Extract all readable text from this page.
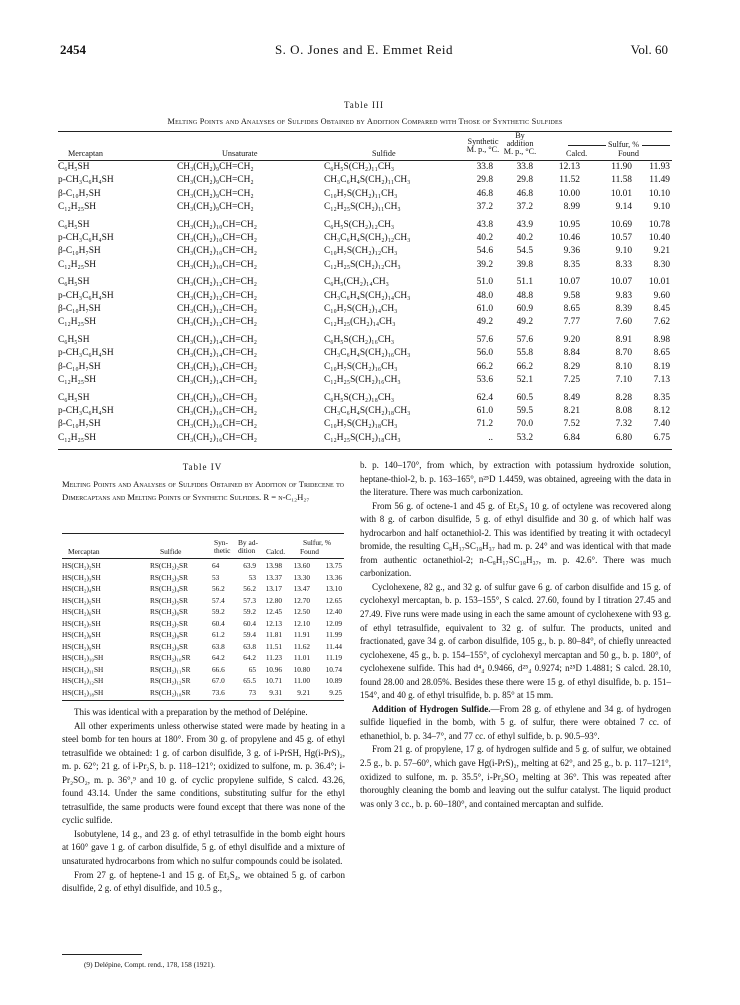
2454	S. O. Jones and E. Emmet Reid	Vol. 60
Table III
Melting Points and Analyses of Sulfides Obtained by Addition Compared with Those of Synthetic Sulfides
Mercaptan	Unsaturate	Sulfide
Synthetic
M. p., °C.
By
addition
M. p., °C.
Sulfur, %
Calcd.	Found
C₆H₅SH	CH₃(CH₂)₉CH=CH₂	C₆H₅S(CH₂)₁₁CH₃	33.8	33.8	12.13	11.90	11.93
p-CH₃C₆H₄SH	CH₃(CH₂)₉CH=CH₂	CH₃C₆H₄S(CH₂)₁₁CH₃	29.8	29.8	11.52	11.58	11.49
β-C₁₀H₇SH	CH₃(CH₂)₉CH=CH₂	C₁₀H₇S(CH₂)₁₁CH₃	46.8	46.8	10.00	10.01	10.10
C₁₂H₂₅SH	CH₃(CH₂)₉CH=CH₂	C₁₂H₂₅S(CH₂)₁₁CH₃	37.2	37.2	8.99	9.14	9.10
C₆H₅SH	CH₃(CH₂)₁₀CH=CH₂	C₆H₅S(CH₂)₁₂CH₃	43.8	43.9	10.95	10.69	10.78
p-CH₃C₆H₄SH	CH₃(CH₂)₁₀CH=CH₂	CH₃C₆H₄S(CH₂)₁₂CH₃	40.2	40.2	10.46	10.57	10.40
β-C₁₀H₇SH	CH₃(CH₂)₁₀CH=CH₂	C₁₀H₇S(CH₂)₁₂CH₃	54.6	54.5	9.36	9.10	9.21
C₁₂H₂₅SH	CH₃(CH₂)₁₀CH=CH₂	C₁₂H₂₅S(CH₂)₁₂CH₃	39.2	39.8	8.35	8.33	8.30
C₆H₅SH	CH₃(CH₂)₁₂CH=CH₂	C₆H₅(CH₂)₁₄CH₃	51.0	51.1	10.07	10.07	10.01
p-CH₃C₆H₄SH	CH₃(CH₂)₁₂CH=CH₂	CH₃C₆H₄S(CH₂)₁₄CH₃	48.0	48.8	9.58	9.83	9.60
β-C₁₀H₇SH	CH₃(CH₂)₁₂CH=CH₂	C₁₀H₇S(CH₂)₁₄CH₃	61.0	60.9	8.65	8.39	8.45
C₁₂H₂₅SH	CH₃(CH₂)₁₂CH=CH₂	C₁₂H₂₅(CH₂)₁₄CH₃	49.2	49.2	7.77	7.60	7.62
C₆H₅SH	CH₃(CH₂)₁₄CH=CH₂	C₆H₅S(CH₂)₁₆CH₃	57.6	57.6	9.20	8.91	8.98
p-CH₃C₆H₄SH	CH₃(CH₂)₁₄CH=CH₂	CH₃C₆H₄S(CH₂)₁₆CH₃	56.0	55.8	8.84	8.70	8.65
β-C₁₀H₇SH	CH₃(CH₂)₁₄CH=CH₂	C₁₀H₇S(CH₂)₁₆CH₃	66.2	66.2	8.29	8.10	8.19
C₁₂H₂₅SH	CH₃(CH₂)₁₄CH=CH₂	C₁₂H₂₅S(CH₂)₁₆CH₃	53.6	52.1	7.25	7.10	7.13
C₆H₅SH	CH₃(CH₂)₁₆CH=CH₂	C₆H₅S(CH₂)₁₈CH₃	62.4	60.5	8.49	8.28	8.35
p-CH₃C₆H₄SH	CH₃(CH₂)₁₆CH=CH₂	CH₃C₆H₄S(CH₂)₁₈CH₃	61.0	59.5	8.21	8.08	8.12
β-C₁₀H₇SH	CH₃(CH₂)₁₆CH=CH₂	C₁₀H₇S(CH₂)₁₈CH₃	71.2	70.0	7.52	7.32	7.40
C₁₂H₂₅SH	CH₃(CH₂)₁₆CH=CH₂	C₁₂H₂₅S(CH₂)₁₈CH₃	..	53.2	6.84	6.80	6.75
Table IV
Melting Points and Analyses of Sulfides Obtained by Addition of Tridecene to Dimercaptans and Melting Points of Synthetic Sulfides. R = n-C₁₂H₂₇
Mercaptan	Sulfide
Syn-
thetic
By ad-
dition
Sulfur, %
Calcd. Found
HS(CH₂)₂SH	RS(CH₂)₂SR	64	63.9	13.98	13.60	13.75
HS(CH₂)₃SH	RS(CH₂)₃SR	53	53	13.37	13.30	13.36
HS(CH₂)₄SH	RS(CH₂)₄SR	56.2	56.2	13.17	13.47	13.10
HS(CH₂)₅SH	RS(CH₂)₅SR	57.4	57.3	12.80	12.70	12.65
HS(CH₂)₆SH	RS(CH₂)₆SR	59.2	59.2	12.45	12.50	12.40
HS(CH₂)₇SH	RS(CH₂)₇SR	60.4	60.4	12.13	12.10	12.09
HS(CH₂)₈SH	RS(CH₂)₈SR	61.2	59.4	11.81	11.91	11.99
HS(CH₂)₉SH	RS(CH₂)₉SR	63.8	63.8	11.51	11.62	11.44
HS(CH₂)₁₀SH	RS(CH₂)₁₀SR	64.2	64.2	11.23	11.01	11.19
HS(CH₂)₁₁SH	RS(CH₂)₁₁SR	66.6	65	10.96	10.80	10.74
HS(CH₂)₁₂SH	RS(CH₂)₁₂SR	67.0	65.5	10.71	11.00	10.89
HS(CH₂)₁₈SH	RS(CH₂)₁₈SR	73.6	73	9.31	9.21	9.25

This was identical with a preparation by the method of Delépine.

All other experiments unless otherwise stated were made by heating in a steel bomb for ten hours at 180°. From 30 g. of propylene and 45 g. of ethyl tetrasulfide we obtained: 1 g. of carbon disulfide, 3 g. of i-PrSH, Hg(i-PrS)₂, m. p. 62°; 21 g. of i-Pr₂S, b. p. 118–121°; oxidized to sulfone, m. p. 36.4°; i-Pr₂SO₂, m. p. 36°,⁹ and 10 g. of cyclic propylene sulfide, S calcd. 43.26, found 43.14. Under the same conditions, substituting sulfur for the ethyl tetrasulfide, the same products were found except that there was none of the cyclic sulfide.

Isobutylene, 14 g., and 23 g. of ethyl tetrasulfide in the bomb eight hours at 160° gave 1 g. of carbon disulfide, 5 g. of ethyl disulfide and a mixture of unsaturated hydrocarbons from which no sulfur compounds could be isolated.

From 27 g. of heptene-1 and 15 g. of Et₂S₄, we obtained 5 g. of carbon disulfide, 2 g. of ethyl disulfide, and 10.5 g.,

(9) Delépine, Compt. rend., 178, 158 (1921).

b. p. 140–170°, from which, by extraction with potassium hydroxide solution, heptane-thiol-2, b. p. 163–165°, n²⁵D 1.4459, was obtained, agreeing with the data in the literature. There was much carbonization.

From 56 g. of octene-1 and 45 g. of Et₂S₄ 10 g. of octylene was recovered along with 8 g. of carbon disulfide, 5 g. of ethyl disulfide and 30 g. of which half was hydrocarbon and half octanethiol-2. This was identified by treating it with octadecyl bromide, the resulting C₈H₁₇SC₁₈H₃₇ had m. p. 24° and was identical with that made from authentic octanethiol-2; n-C₈H₁₇SC₁₈H₃₇, m. p. 42.6°. There was much carbonization.

Cyclohexene, 82 g., and 32 g. of sulfur gave 6 g. of carbon disulfide and 15 g. of cyclohexyl mercaptan, b. p. 153–155°, S calcd. 27.60, found by I titration 27.45 and 27.49. Five runs were made using in each the same amount of cyclohexene with 93 g. of ethyl tetrasulfide, equivalent to 32 g. of sulfur. The products, united and fractionated, gave 34 g. of carbon disulfide, 105 g., b. p. 80–84°, of chiefly unreacted cyclohexene, 45 g., b. p. 154–155°, of cyclohexyl mercaptan and 50 g., b. p. 180°, of cyclohexene sulfide. This had d⁴₄ 0.9466, d²⁵₄ 0.9274; n²⁵D 1.4881; S calcd. 28.10, found 28.00 and 28.05%. Besides these there were 15 g. of ethyl disulfide, b. p. 151–154°, and 40 g. of ethyl trisulfide, b. p. 85° at 15 mm.

Addition of Hydrogen Sulfide.—From 28 g. of ethylene and 34 g. of hydrogen sulfide liquefied in the bomb, with 5 g. of sulfur, there were obtained 7 cc. of ethanethiol, b. p. 34–7°, and 77 cc. of ethyl sulfide, b. p. 90.5–93°.

From 21 g. of propylene, 17 g. of hydrogen sulfide and 5 g. of sulfur, we obtained 2.5 g., b. p. 57–60°, which gave Hg(i-PrS)₂, melting at 62°, and 25 g., b. p. 117–121°, oxidized to sulfone, m. p. 35.5°, i-Pr₂SO₂ melting at 36°. This was repeated after thoroughly cleaning the bomb and leaving out the sulfur catalyst. The liquid product was only 3 cc., b. p. 60–180°, and contained mercaptan and sulfide.
